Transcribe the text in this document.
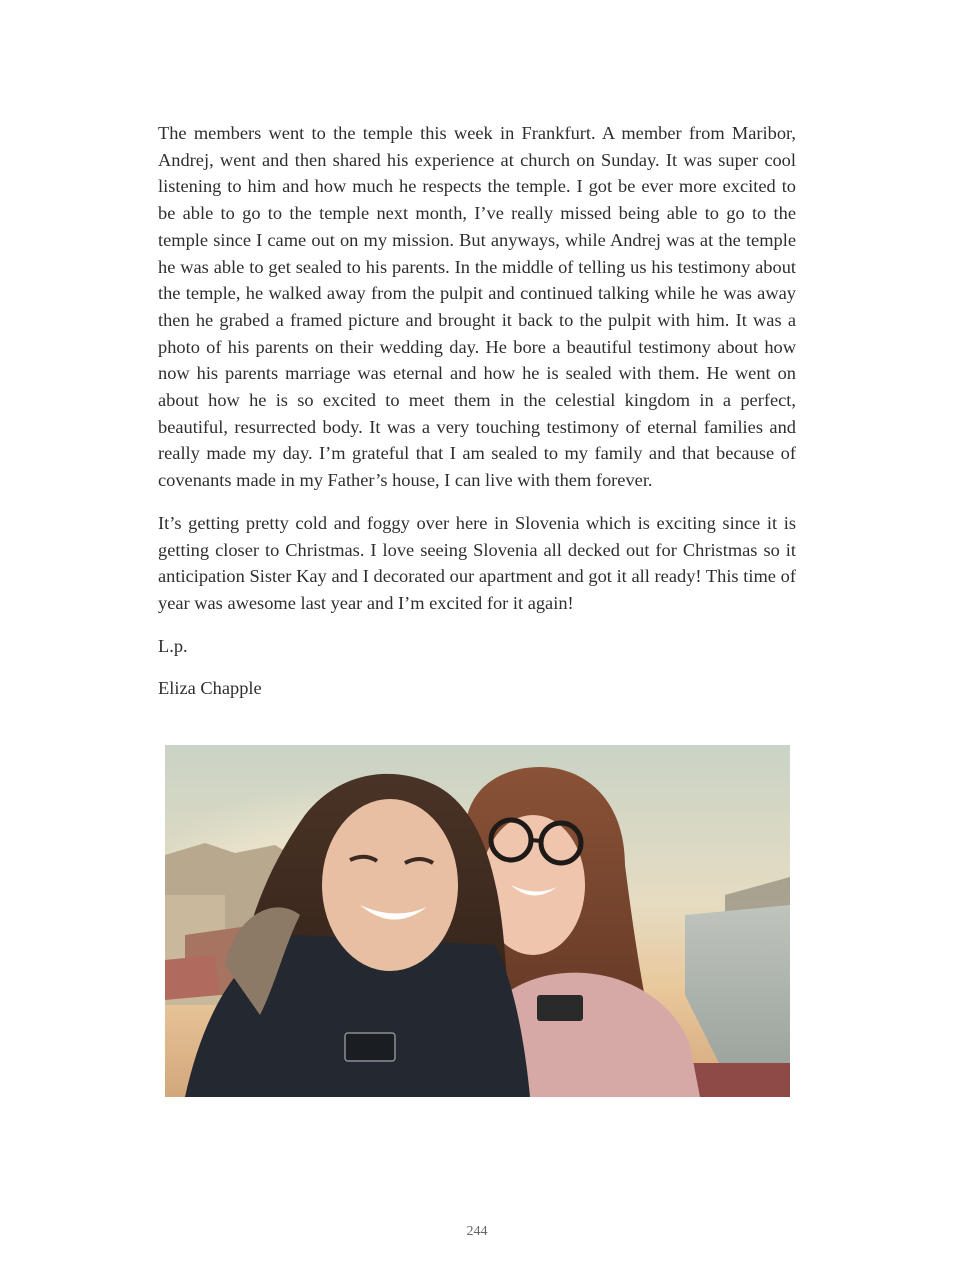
The members went to the temple this week in Frankfurt. A member from Maribor, Andrej, went and then shared his experience at church on Sunday. It was super cool listening to him and how much he respects the temple. I got be ever more excited to be able to go to the temple next month, I’ve really missed being able to go to the temple since I came out on my mission. But anyways, while Andrej was at the temple he was able to get sealed to his parents. In the middle of telling us his testimony about the temple, he walked away from the pulpit and continued talking while he was away then he grabed a framed picture and brought it back to the pulpit with him. It was a photo of his parents on their wedding day. He bore a beautiful testimony about how now his parents marriage was eternal and how he is sealed with them. He went on about how he is so excited to meet them in the celestial kingdom in a perfect, beautiful, resurrected body. It was a very touching testimony of eternal families and really made my day. I’m grateful that I am sealed to my family and that because of covenants made in my Father’s house, I can live with them forever.

It’s getting pretty cold and foggy over here in Slovenia which is exciting since it is getting closer to Christmas. I love seeing Slovenia all decked out for Christmas so it anticipation Sister Kay and I decorated our apartment and got it all ready! This time of year was awesome last year and I’m excited for it again!

L.p.

Eliza Chapple

244
